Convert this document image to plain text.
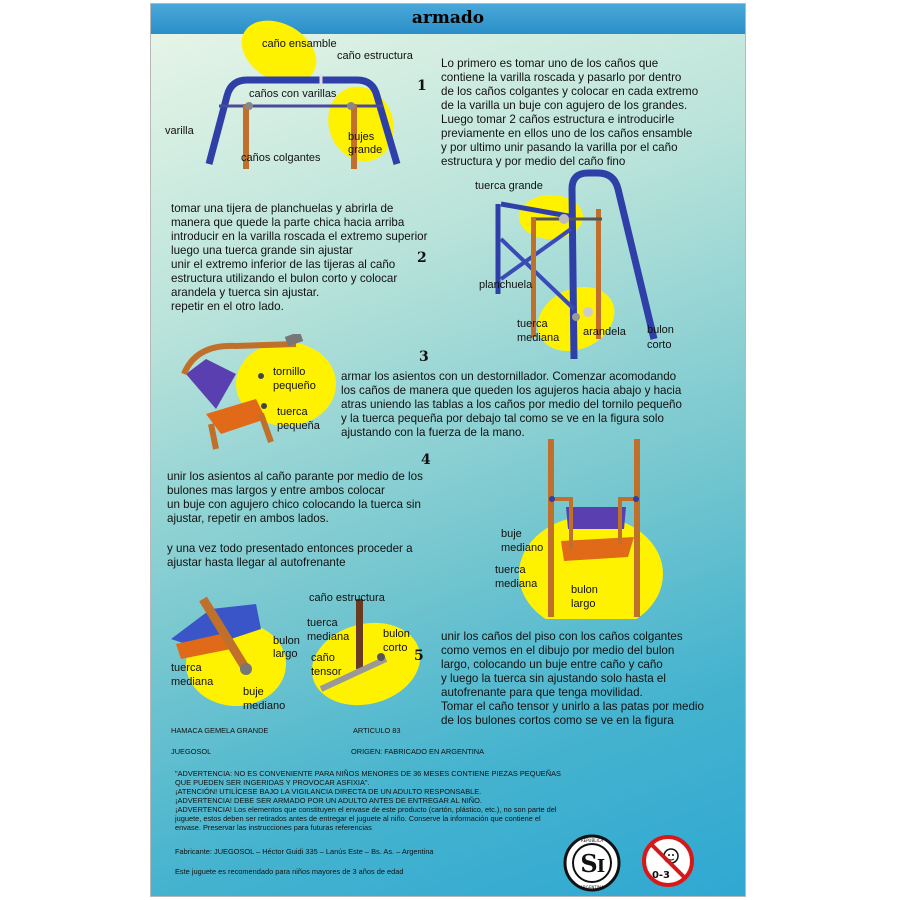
armado
caño ensamble
caño estructura
caños con varillas
varilla	bujes
grande
caños colgantes
1
Lo primero es tomar uno de los caños que
contiene la varilla roscada y pasarlo por dentro
de los caños colgantes y colocar en cada extremo
de la varilla un buje con agujero de los grandes.
Luego tomar 2 caños estructura e introducirle
previamente en ellos uno de los caños ensamble
y por ultimo unir pasando la varilla por el caño
estructura y por medio del caño fino
tomar una tijera de planchuelas y abrirla de
manera que quede la parte chica hacia arriba
introducir en la varilla roscada el extremo superior
luego una tuerca grande sin ajustar
unir el extremo inferior de las tijeras al caño
estructura utilizando el bulon corto y colocar
arandela y tuerca sin ajustar.
repetir en el otro lado.
2
tuerca grande
planchuela
tuerca
mediana arandela bulon
corto
tornillo
pequeño
tuerca
pequeña
3
armar los asientos con un destornillador. Comenzar acomodando
los caños de manera que queden los agujeros hacia abajo y hacia
atras uniendo las tablas a los caños por medio del tornilo pequeño
y la tuerca pequeña por debajo tal como se ve en la figura solo
ajustando con la fuerza de la mano.
4
unir los asientos al caño parante por medio de los
bulones mas largos y entre ambos colocar
un buje con agujero chico colocando la tuerca sin
ajustar, repetir en ambos lados.
y una vez todo presentado entonces proceder a
ajustar hasta llegar al autofrenante
buje
mediano
tuerca
mediana	bulon
largo
caño estructura
tuerca
mediana	bulon
corto
caño
tensor
bulon
largo
tuerca
mediana
buje
mediano
5
unir los caños del piso con los caños colgantes
como vemos en el dibujo por medio del bulon
largo, colocando un buje entre caño y caño
y luego la tuerca sin ajustando solo hasta el
autofrenante para que tenga movilidad.
Tomar el caño tensor y unirlo a las patas por medio
de los bulones cortos como se ve en la figura
HAMACA GEMELA GRANDE	ARTICULO 83
JUEGOSOL	ORIGEN: FABRICADO EN ARGENTINA
"ADVERTENCIA: NO ES CONVENIENTE PARA NIÑOS MENORES DE 36 MESES CONTIENE PIEZAS PEQUEÑAS
QUE PUEDEN SER INGERIDAS Y PROVOCAR ASFIXIA".
¡ATENCIÓN! UTILÍCESE BAJO LA VIGILANCIA DIRECTA DE UN ADULTO RESPONSABLE.
¡ADVERTENCIA! DEBE SER ARMADO POR UN ADULTO ANTES DE ENTREGAR AL NIÑO.
¡ADVERTENCIA! Los elementos que constituyen el envase de este producto (cartón, plástico, etc.), no son parte del
juguete, estos deben ser retirados antes de entregar el juguete al niño. Conserve la información que contiene el
envase. Preservar las instrucciones para futuras referencias
Fabricante: JUEGOSOL – Héctor Guidi 335 – Lanús Este – Bs. As. – Argentina
Este juguete es recomendado para niños mayores de 3 años de edad	S I
REPUBLICA
ARGENTINA
0-3
